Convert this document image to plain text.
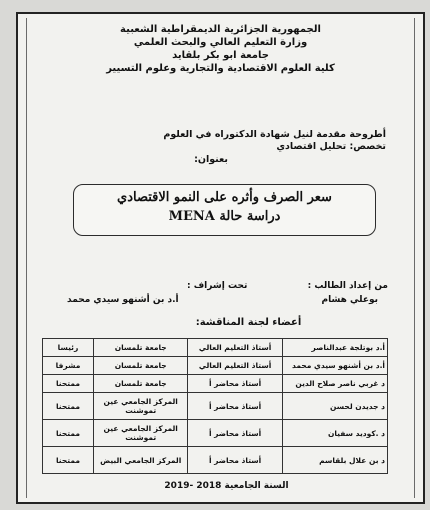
الجمهورية الجزائرية الديمقراطية الشعبية
وزارة التعليم العالي والبحث العلمي
جامعة ابو بكر بلقايد
كلية العلوم الاقتصادية والتجارية وعلوم التسيير
أطروحة مقدمة لنيل شهادة الدكتوراه في العلوم
تخصص: تحليل اقتصادي
بعنوان:
سعر الصرف وأثره على النمو الاقتصادي
دراسة حالة MENA
من إعداد الطالب :
بوعلي هشام
تحت إشراف :
أ.د بن أشنهو سيدي محمد
أعضاء لجنة المناقشة:
أ.د بوتلجة عبدالناصر	أستاذ التعليم العالي	جامعة تلمسان	رئيسا
أ.د بن أشنهو سيدي محمد	أستاذ التعليم العالي	جامعة تلمسان	مشرفا
د غربي ناصر صلاح الدين	أستاذ محاضر أ	جامعة تلمسان	ممتحنا
د جديدن لحسن	أستاذ محاضر أ	المركز الجامعي عين تموشنت	ممتحنا
د .كوديد سفيان	أستاذ محاضر أ	المركز الجامعي عين تموشنت	ممتحنا
د بن علال بلقاسم	أستاذ محاضر أ	المركز الجامعي البيض	ممتحنا
السنة الجامعية 2018 -2019
